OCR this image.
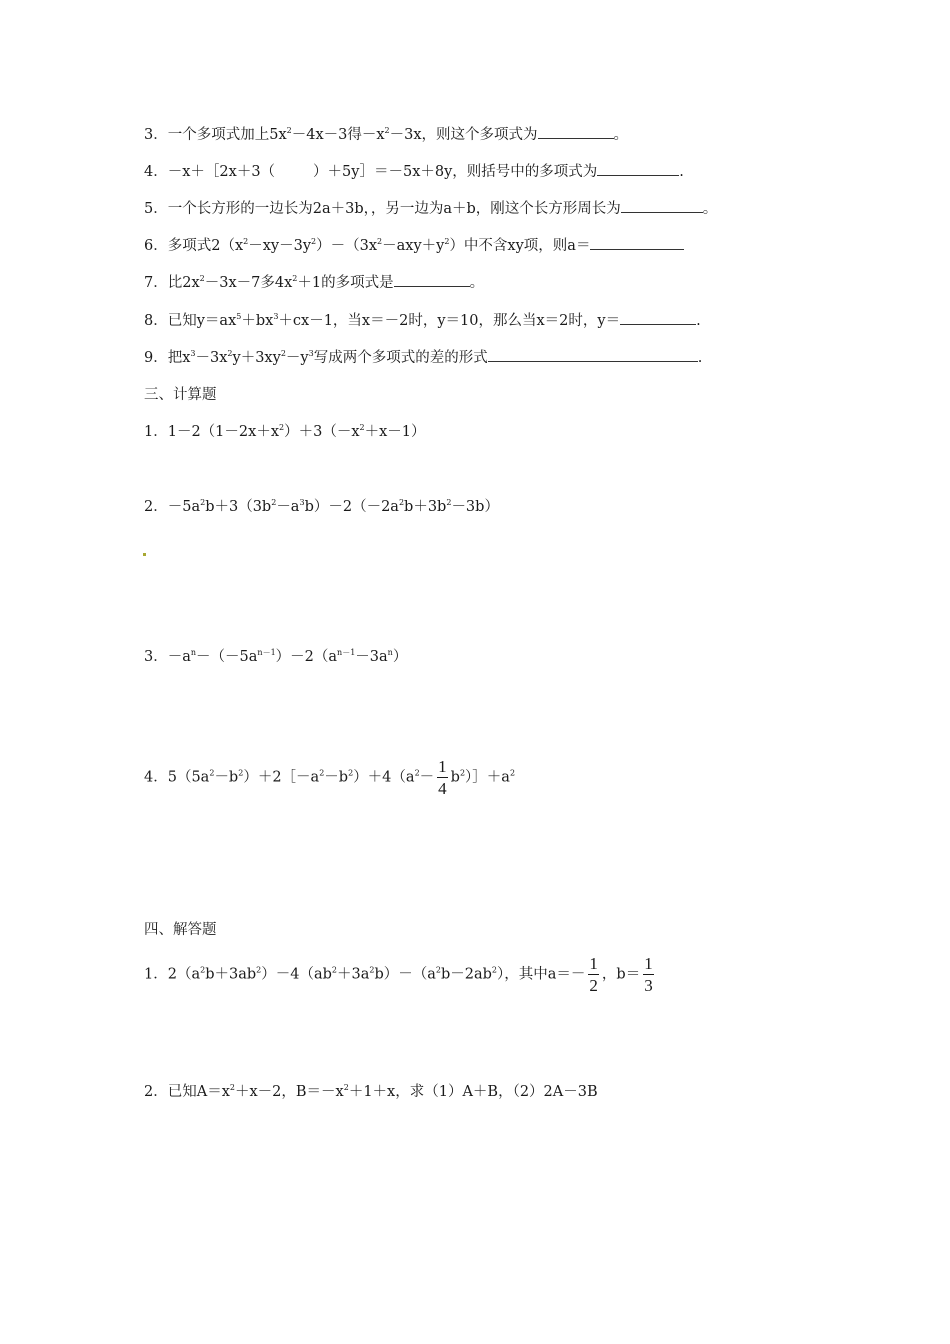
3．一个多项式加上$5x^2-4x-3$得$-x^2-3x$，则这个多项式为	。
4．－x＋［2x＋3（	）＋5y］＝－5x＋8y，则括号中的多项式为	.
5．一个长方形的一边长为2a＋3b，，另一边为a＋b，刚这个长方形周长为	。
6．多项式$2(x^2-xy-3y^2)-(3x^2-axy+y^2)$中不含xy项，则a＝
7．比$2x^2-3x-7$多$4x^2+1$的多项式是	。
8．已知$y=ax^5+bx^3+cx-1$，当x＝－2时，y＝10，那么当x＝2时，y＝	.
9．把$x^3-3x^2y+3xy^2-y^3$写成两个多项式的差的形式	.
三、计算题
1．$1-2(1-2x+x^2)+3(-x^2+x-1)$
2．$-5a^2b+3(3b^2-a^3b)-2(-2a^2b+3b^2-3b)$
3．$-a^n-(-5a^{n-1})-2(a^{n-1}-3a^n)$
4．$5(5a^2-b^2)+2[-a^2-b^2)+4(a^2- \frac{1}{4}$ $b^2)]+a^2$
四、解答题
1．$2(a^2b+3ab^2)-4(ab^2+3a^2b)-(a^2b-2ab^2)$，其中$a=- \frac{1}{2}$ ，$b= \frac{1}{3}$
2．已知$A=x^2+x-2$，$B=-x^2+1+x$，求（1）A＋B，（2）2A－3B
